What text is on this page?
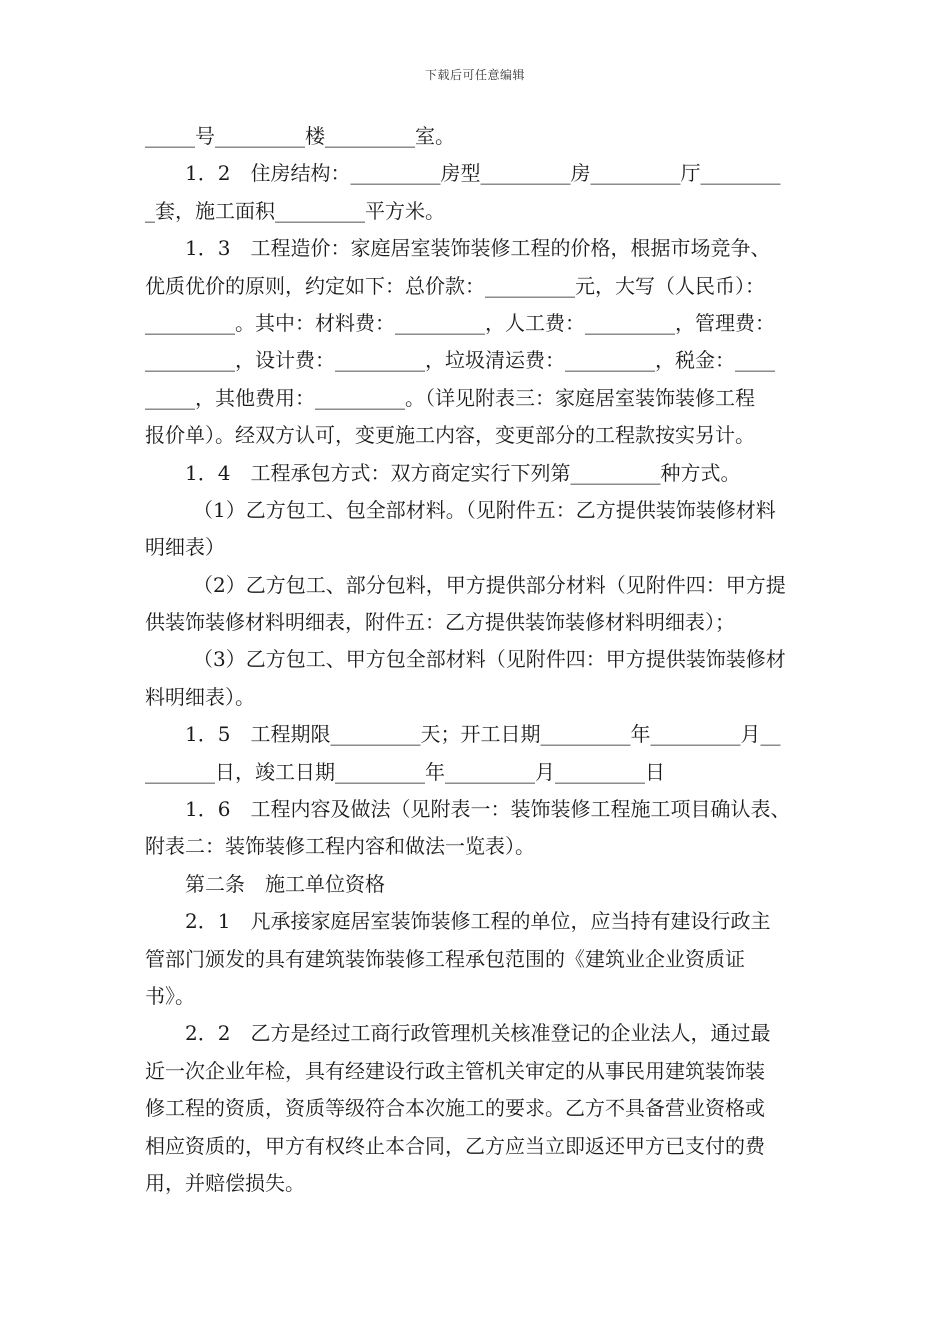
下载后可任意编辑
_____号_________楼_________室。
1．2　住房结构：_________房型_________房_________厅________
_套，施工面积_________平方米。
1．3　工程造价：家庭居室装饰装修工程的价格，根据市场竞争、
优质优价的原则，约定如下：总价款：_________元，大写（人民币）：
_________。其中：材料费：_________，人工费：_________，管理费：
_________，设计费：_________，垃圾清运费：_________，税金：____
_____，其他费用：_________。（详见附表三：家庭居室装饰装修工程
报价单）。经双方认可，变更施工内容，变更部分的工程款按实另计。
1．4　工程承包方式：双方商定实行下列第_________种方式。
（1）乙方包工、包全部材料。（见附件五：乙方提供装饰装修材料
明细表）
（2）乙方包工、部分包料，甲方提供部分材料（见附件四：甲方提
供装饰装修材料明细表，附件五：乙方提供装饰装修材料明细表）；
（3）乙方包工、甲方包全部材料（见附件四：甲方提供装饰装修材
料明细表）。
1．5　工程期限_________天；开工日期_________年_________月__
_______日，竣工日期_________年_________月_________日
1．6　工程内容及做法（见附表一：装饰装修工程施工项目确认表、
附表二：装饰装修工程内容和做法一览表）。
第二条　施工单位资格
2．1　凡承接家庭居室装饰装修工程的单位，应当持有建设行政主
管部门颁发的具有建筑装饰装修工程承包范围的《建筑业企业资质证
书》。
2．2　乙方是经过工商行政管理机关核准登记的企业法人，通过最
近一次企业年检，具有经建设行政主管机关审定的从事民用建筑装饰装
修工程的资质，资质等级符合本次施工的要求。乙方不具备营业资格或
相应资质的，甲方有权终止本合同，乙方应当立即返还甲方已支付的费
用，并赔偿损失。
